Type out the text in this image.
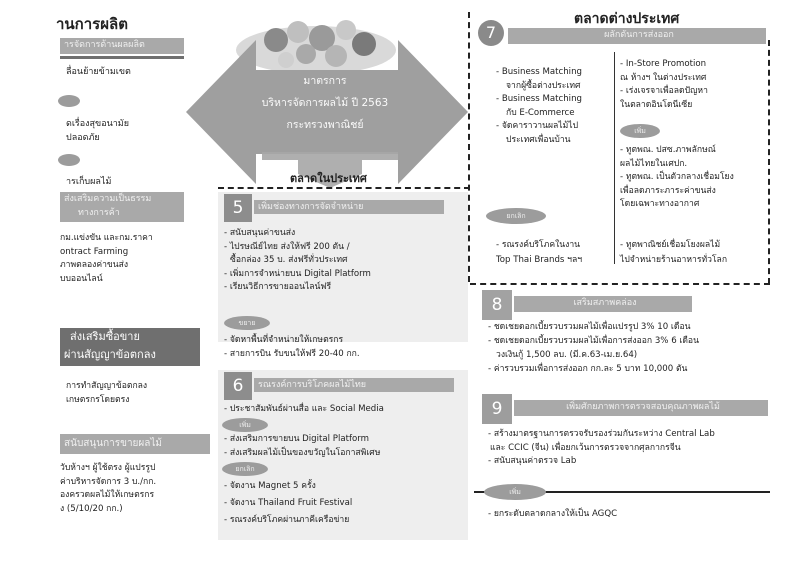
านการผลิต
ารจัดการด้านผลผลิต
ลื่อนย้ายข้ามเขต
ดเรื่องสุขอนามัย
ปลอดภัย
ารเก็บผลไม้
ส่งเสริมความเป็นธรรม
ทางการค้า
กม.แข่งขัน และกม.ราคา
ontract Farming
ภาพตลองค่าขนส่ง
บบออนไลน์
ส่งเสริมซื้อขาย
ผ่านสัญญาข้อตกลง
การทำสัญญาข้อตกลง
เกษตรกรโดยตรง
สนับสนุนการขายผลไม้
วับห้างฯ ผู้ใช้ตรง ผู้แปรรูป
ค่าบริหารจัดการ 3 บ./กก.
องครวดผลไม้ให้เกษตรกร
ง (5/10/20 กก.)
มาตรการ
บริหารจัดการผลไม้ ปี 2563
กระทรวงพาณิชย์
ตลาดในประเทศ
5	เพิ่มช่องทางการจัดจำหน่าย
- สนับสนุนค่าขนส่ง
- ไปรษณีย์ไทย ส่งให้ฟรี 200 ตัน /
ซื้อกล่อง 35 บ. ส่งฟรีทั่วประเทศ
- เพิ่มการจำหน่ายบน Digital Platform
- เรียนวิธีการขายออนไลน์ฟรี
ขยาย
- จัดหาพื้นที่จำหน่ายให้เกษตรกร
- สายการบิน รับขนให้ฟรี 20-40 กก.
6	รณรงค์การบริโภคผลไม้ไทย
- ประชาสัมพันธ์ผ่านสื่อ และ Social Media
เพิ่ม
- ส่งเสริมการขายบน Digital Platform
- ส่งเสริมผลไม้เป็นของขวัญในโอกาสพิเศษ
ยกเลิก
- จัดงาน Magnet 5 ครั้ง
- จัดงาน Thailand Fruit Festival
- รณรงค์บริโภคผ่านภาคีเครือข่าย
ตลาดต่างประเทศ
7	ผลักดันการส่งออก
- Business Matching
จากผู้ซื้อต่างประเทศ
- Business Matching
กับ E-Commerce
- จัดคาราวานผลไม้ไป
ประเทศเพื่อนบ้าน
- In-Store Promotion
ณ ห้างฯ ในต่างประเทศ
- เร่งเจรจาเพื่อลดปัญหา
ในตลาดอินโดนีเซีย
เพิ่ม
- ทูตพณ. ปสซ.ภาพลักษณ์
ผลไม้ไทยในเศปก.
- ทูตพณ. เป็นตัวกลางเชื่อมโยง
เพื่อลดภาระภาระค่าขนส่ง
โดยเฉพาะทางอากาศ
ยกเลิก
- รณรงค์บริโภคในงาน
Top Thai Brands ฯลฯ
- ทูตพาณิชย์เชื่อมโยงผลไม้
ไปจำหน่ายร้านอาหารทั่วโลก
8	เสริมสภาพคล่อง
- ชดเชยดอกเบี้ยรวบรวมผลไม้เพื่อแปรรูป 3% 10 เดือน
- ชดเชยดอกเบี้ยรวบรวมผลไม้เพื่อการส่งออก 3% 6 เดือน
วงเงินกู้ 1,500 ลบ. (มี.ค.63-เม.ย.64)
- ค่ารวบรวมเพื่อการส่งออก กก.ละ 5 บาท 10,000 ตัน
9	เพิ่มศักยภาพการตรวจสอบคุณภาพผลไม้
- สร้างมาตรฐานการตรวจรับรองร่วมกันระหว่าง Central Lab
และ CCIC (จีน) เพื่อยกเว้นการตรวจจากศุลกากรจีน
- สนับสนุนค่าตรวจ Lab
เพิ่ม
- ยกระดับตลาดกลางให้เป็น AGQC
